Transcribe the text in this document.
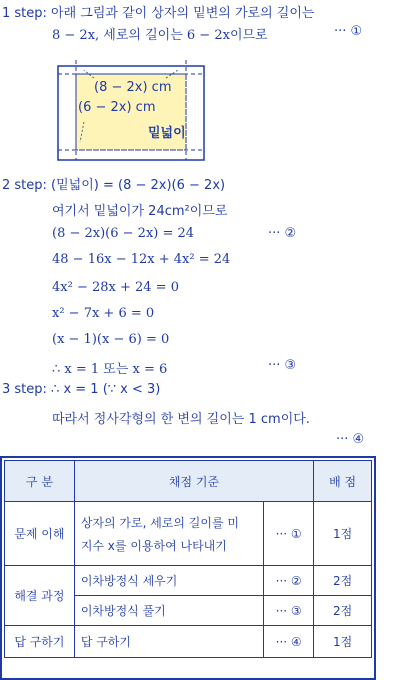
1 step: 아래 그림과 같이 상자의 밑변의 가로의 길이는
8 − 2x, 세로의 길이는 6 − 2x이므로	··· ①
(8 − 2x) cm
(6 − 2x) cm
밑넓이
2 step: (밑넓이) = (8 − 2x)(6 − 2x)
여기서 밑넓이가 24cm²이므로
(8 − 2x)(6 − 2x) = 24	··· ②
48 − 16x − 12x + 4x² = 24
4x² − 28x + 24 = 0
x² − 7x + 6 = 0
(x − 1)(x − 6) = 0
∴ x = 1 또는 x = 6	··· ③
3 step: ∴ x = 1 (∵ x < 3)
따라서 정사각형의 한 변의 길이는 1 cm이다.
··· ④
구 분	채점 기준		배 점
문제 이해	상자의 가로, 세로의 길이를 미
지수 x를 이용하여 나타내기	··· ①	1점
해결 과정	이차방정식 세우기	··· ②	2점
	이차방정식 풀기	··· ③	2점
답 구하기	답 구하기	··· ④	1점
